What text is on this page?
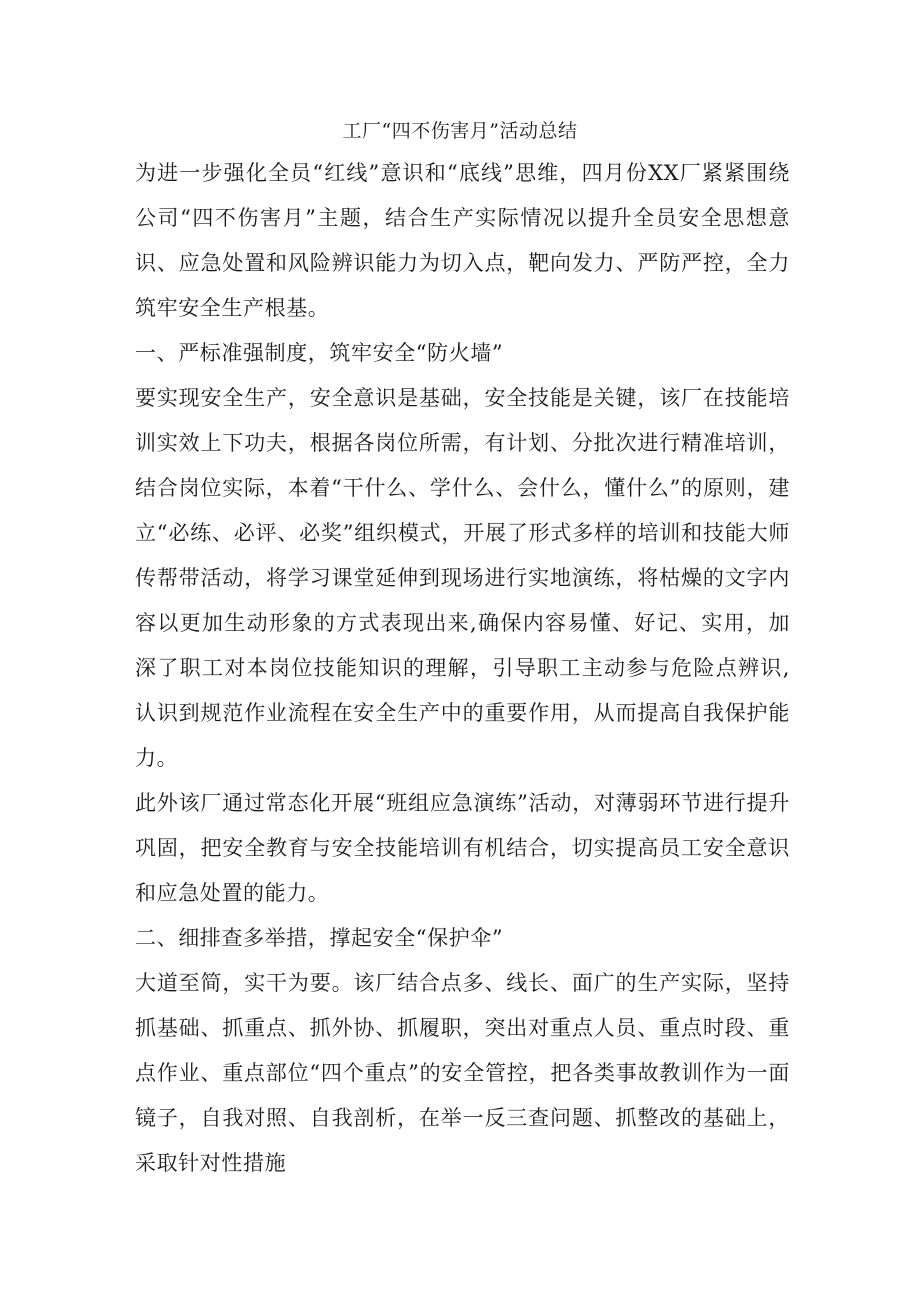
工厂“四不伤害月”活动总结

为进一步强化全员“红线”意识和“底线”思维，四月份XX厂紧紧围绕公司“四不伤害月”主题，结合生产实际情况以提升全员安全思想意识、应急处置和风险辨识能力为切入点，靶向发力、严防严控，全力筑牢安全生产根基。

一、严标准强制度，筑牢安全“防火墙”

要实现安全生产，安全意识是基础，安全技能是关键，该厂在技能培训实效上下功夫，根据各岗位所需，有计划、分批次进行精准培训，结合岗位实际，本着“干什么、学什么、会什么，懂什么”的原则，建立“必练、必评、必奖”组织模式，开展了形式多样的培训和技能大师传帮带活动，将学习课堂延伸到现场进行实地演练，将枯燥的文字内容以更加生动形象的方式表现出来,确保内容易懂、好记、实用，加深了职工对本岗位技能知识的理解，引导职工主动参与危险点辨识,认识到规范作业流程在安全生产中的重要作用，从而提高自我保护能力。

此外该厂通过常态化开展“班组应急演练”活动，对薄弱环节进行提升巩固，把安全教育与安全技能培训有机结合，切实提高员工安全意识和应急处置的能力。

二、细排查多举措，撑起安全“保护伞”

大道至简，实干为要。该厂结合点多、线长、面广的生产实际，坚持抓基础、抓重点、抓外协、抓履职，突出对重点人员、重点时段、重点作业、重点部位“四个重点”的安全管控，把各类事故教训作为一面镜子，自我对照、自我剖析，在举一反三查问题、抓整改的基础上，采取针对性措施
